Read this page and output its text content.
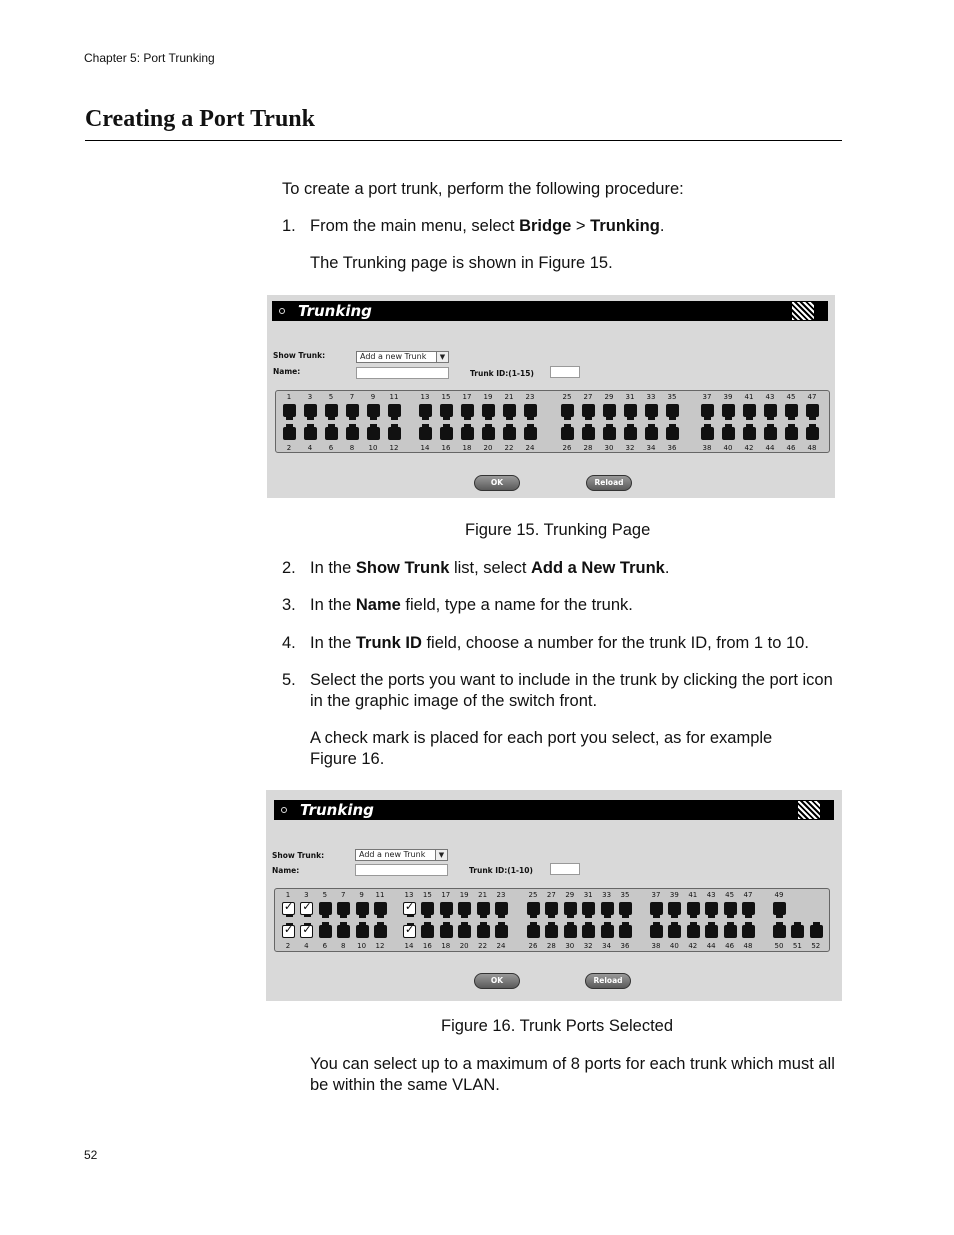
Chapter 5: Port Trunking
Creating a Port Trunk
To create a port trunk, perform the following procedure:
1. From the main menu, select Bridge > Trunking.
The Trunking page is shown in Figure 15.
Trunking
Show Trunk:	Add a new Trunk	▼
Name:	Trunk ID:(1-15)
1	3	5	7	9	11	13	15	17	19	21	23	25	27	29	31	33	35	37	39	41	43	45	47
2	4	6	8	10	12	14	16	18	20	22	24	26	28	30	32	34	36	38	40	42	44	46	48
OK	Reload
Figure 15. Trunking Page
2. In the Show Trunk list, select Add a New Trunk.
3. In the Name field, type a name for the trunk.
4. In the Trunk ID field, choose a number for the trunk ID, from 1 to 10.
5. Select the ports you want to include in the trunk by clicking the port icon in the graphic image of the switch front.
A check mark is placed for each port you select, as for example Figure 16.
Trunking
Show Trunk:	Add a new Trunk	▼
Name:	Trunk ID:(1-10)
1
✓	3
✓	5	7	9	11	13
✓	15	17	19	21	23	25	27	29	31	33	35	37	39	41	43	45	47	49
✓
2
✓	4	6	8	10	12
✓	14	16	18	20	22	24	26	28	30	32	34	36	38	40	42	44	46	48	50	51	52
OK	Reload
Figure 16. Trunk Ports Selected
You can select up to a maximum of 8 ports for each trunk which must all be within the same VLAN.
52
